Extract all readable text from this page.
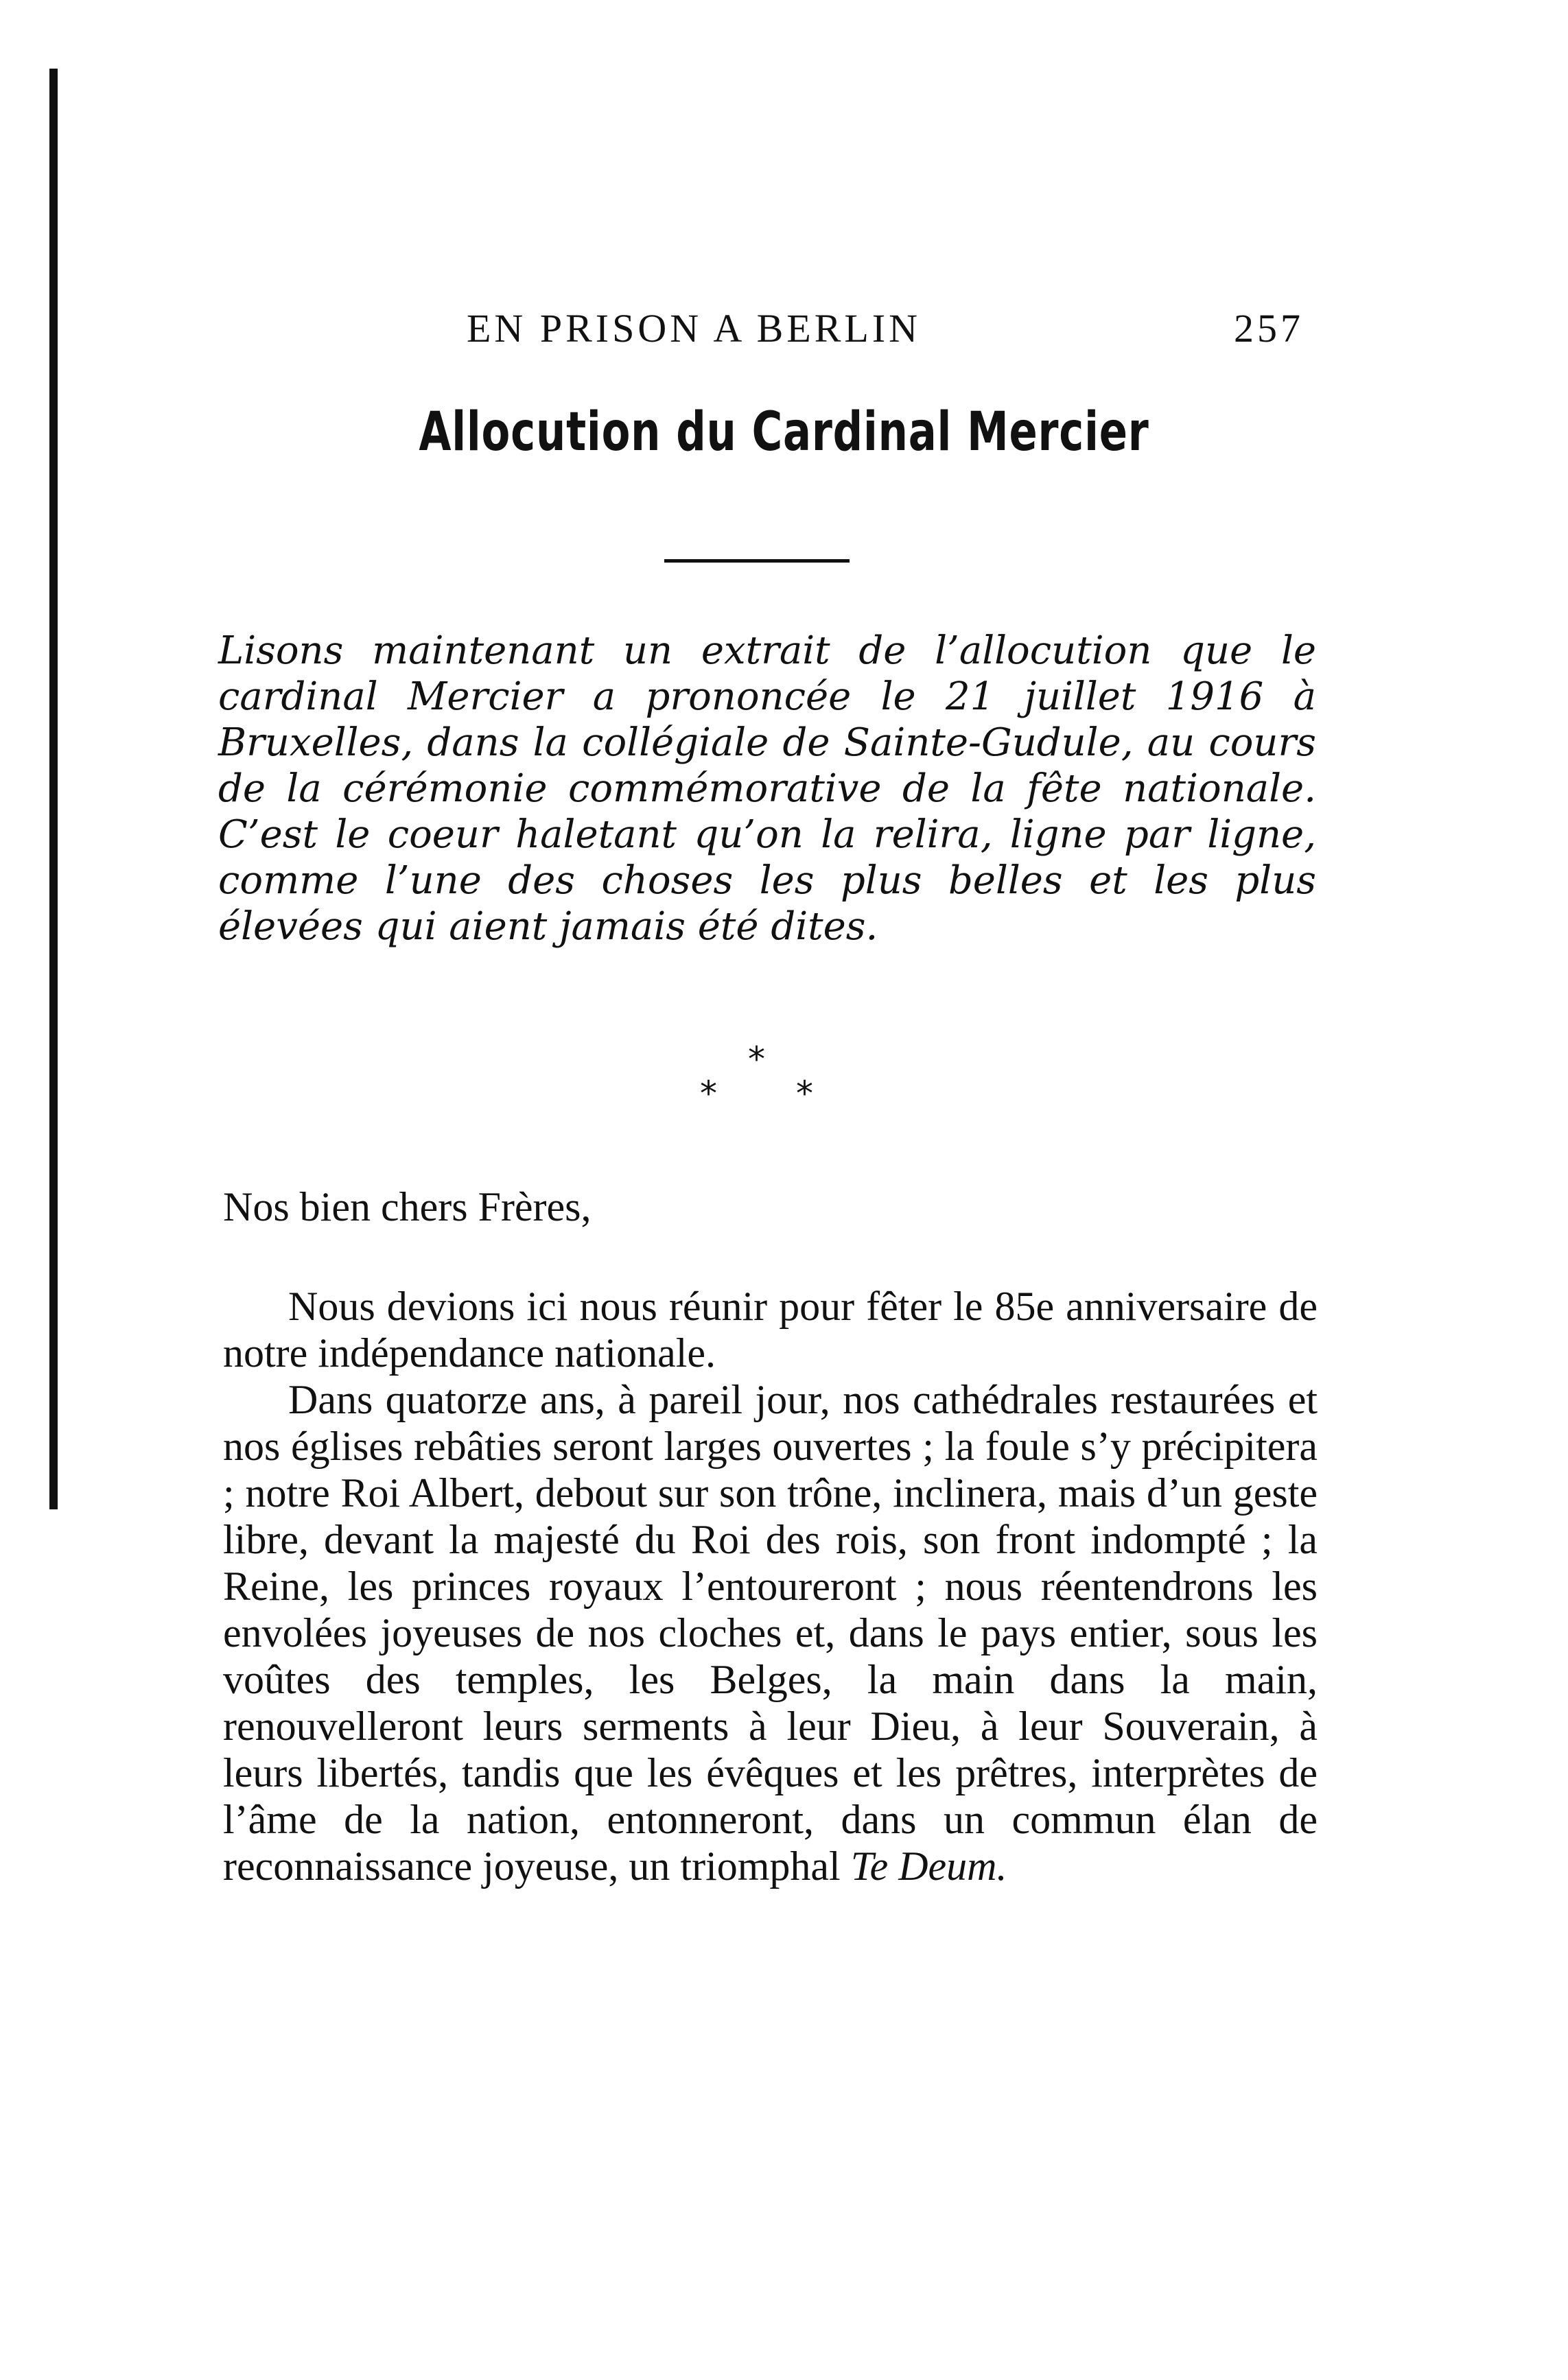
EN PRISON A BERLIN	257
Allocution du Cardinal Mercier

Lisons maintenant un extrait de l’allocution que le cardinal Mercier a prononcée le 21 juillet 1916 à Bruxelles, dans la collégiale de Sainte-Gudule, au cours de la cérémonie commémorative de la fête nationale. C’est le coeur haletant qu’on la relira, ligne par ligne, comme l’une des choses les plus belles et les plus élevées qui aient jamais été dites.

*
* *

Nos bien chers Frères,

Nous devions ici nous réunir pour fêter le 85e anniversaire de notre indépendance nationale.

Dans quatorze ans, à pareil jour, nos cathédrales restaurées et nos églises rebâties seront larges ouvertes ; la foule s’y précipitera ; notre Roi Albert, debout sur son trône, inclinera, mais d’un geste libre, devant la majesté du Roi des rois, son front indompté ; la Reine, les princes royaux l’entoureront ; nous réentendrons les envolées joyeuses de nos cloches et, dans le pays entier, sous les voûtes des temples, les Belges, la main dans la main, renouvelleront leurs serments à leur Dieu, à leur Souverain, à leurs libertés, tandis que les évêques et les prêtres, interprètes de l’âme de la nation, entonneront, dans un commun élan de reconnaissance joyeuse, un triomphal Te Deum.
